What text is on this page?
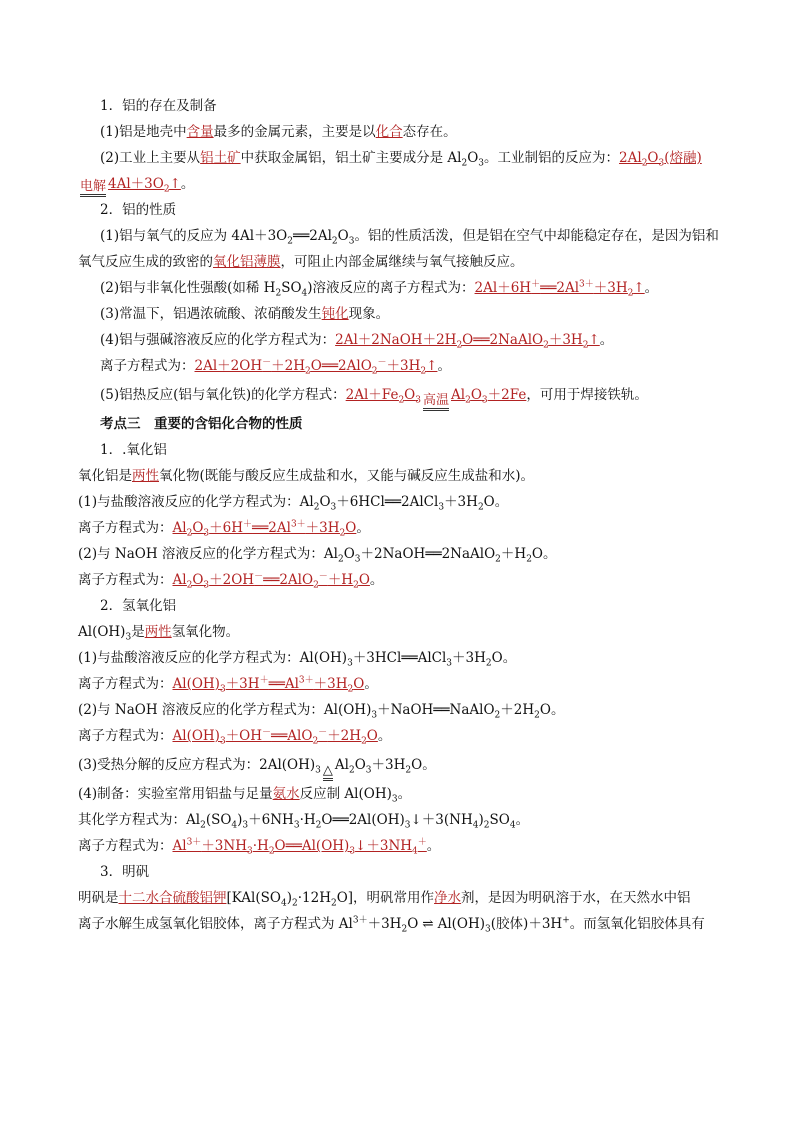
1．铝的存在及制备
(1)铝是地壳中含量最多的金属元素，主要是以化合态存在。
(2)工业上主要从铝土矿中获取金属铝，铝土矿主要成分是 $Al_2O_3$。工业制铝的反应为：$2Al_2O_3$(熔融)
电解 $4Al+3O_2↑$。
2．铝的性质
(1)铝与氧气的反应为 $4Al+3O_2══2Al_2O_3$。铝的性质活泼，但是铝在空气中却能稳定存在，是因为铝和
氧气反应生成的致密的氧化铝薄膜，可阻止内部金属继续与氧气接触反应。
(2)铝与非氧化性强酸(如稀 $H_2SO_4$)溶液反应的离子方程式为：$2Al+6H^+══2Al^{3+}+3H_2↑$。
(3)常温下，铝遇浓硫酸、浓硝酸发生钝化现象。
(4)铝与强碱溶液反应的化学方程式为：$2Al+2NaOH+2H_2O══2NaAlO_2+3H_2↑$。
离子方程式为：$2Al+2OH^-+2H_2O══2AlO_2^-+3H_2↑$。
(5)铝热反应(铝与氧化铁)的化学方程式：$2Al+Fe_2O_3$ 高温 $Al_2O_3+2Fe$，可用于焊接铁轨。
考点三　重要的含铝化合物的性质
1．.氧化铝
氧化铝是两性氧化物(既能与酸反应生成盐和水，又能与碱反应生成盐和水)。
(1)与盐酸溶液反应的化学方程式为：$Al_2O_3+6HCl══2AlCl_3+3H_2O$。
离子方程式为：$Al_2O_3+6H^+══2Al^{3+}+3H_2O$。
(2)与 NaOH 溶液反应的化学方程式为：$Al_2O_3+2NaOH══2NaAlO_2+H_2O$。
离子方程式为：$Al_2O_3+2OH^-══2AlO_2^-+H_2O$。
2．氢氧化铝
$Al(OH)_3$是两性氢氧化物。
(1)与盐酸溶液反应的化学方程式为：$Al(OH)_3+3HCl══AlCl_3+3H_2O$。
离子方程式为：$Al(OH)_3+3H^+══Al^{3+}+3H_2O$。
(2)与 NaOH 溶液反应的化学方程式为：$Al(OH)_3+NaOH══NaAlO_2+2H_2O$。
离子方程式为：$Al(OH)_3+OH^-══AlO_2^-+2H_2O$。
(3)受热分解的反应方程式为：$2Al(OH)_3$ △ $Al_2O_3+3H_2O$。
(4)制备：实验室常用铝盐与足量氨水反应制 $Al(OH)_3$。
其化学方程式为：$Al_2(SO_4)_3+6NH_3\cdot H_2O══2Al(OH)_3↓+3(NH_4)_2SO_4$。
离子方程式为：$Al^{3+}+3NH_3\cdot H_2O══Al(OH)_3↓+3NH_4^+$。
3．明矾
明矾是十二水合硫酸铝钾$[KAl(SO_4)_2\cdot 12H_2O]$，明矾常用作净水剂，是因为明矾溶于水，在天然水中铝
离子水解生成氢氧化铝胶体，离子方程式为 $Al^{3+}+3H_2O$ ⇌ $Al(OH)_3$(胶体)＋3H+。而氢氧化铝胶体具有
